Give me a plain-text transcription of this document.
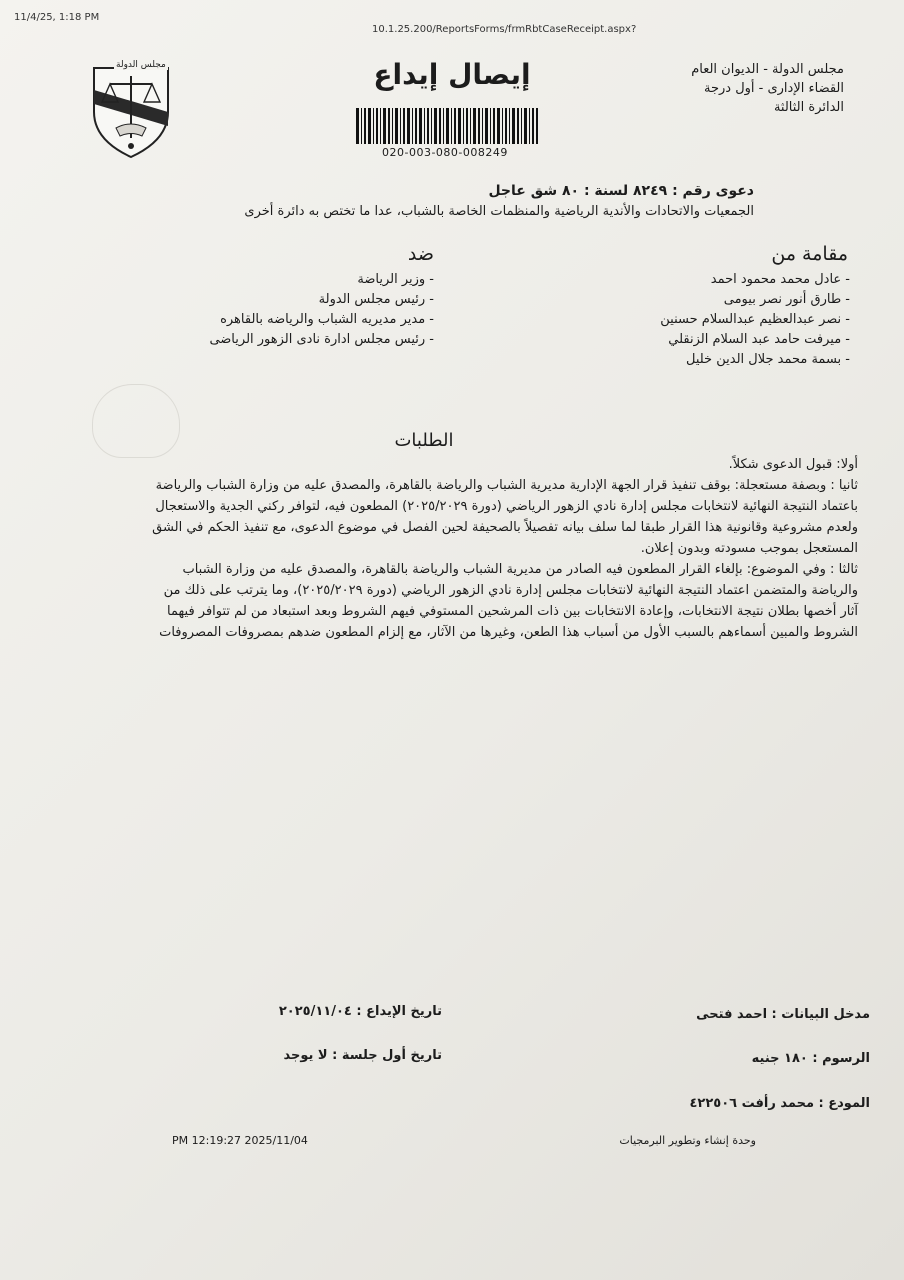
11/4/25, 1:18 PM
10.1.25.200/ReportsForms/frmRbtCaseReceipt.aspx?
مجلس الدولة - الديوان العام
القضاء الإدارى - أول درجة
الدائرة الثالثة
مجلس الدولة	إيصال إيداع
020-003-080-008249
دعوى رقم : ٨٢٤٩ لسنة : ٨٠ شق عاجل
الجمعيات والاتحادات والأندية الرياضية والمنظمات الخاصة بالشباب، عدا ما تختص به دائرة أخرى
مقامة من
- عادل محمد محمود احمد
- طارق أنور نصر بيومى
- نصر عبدالعظيم عبدالسلام حسنين
- ميرفت حامد عبد السلام الزنقلي
- بسمة محمد جلال الدين خليل
ضد
- وزير الرياضة
- رئيس مجلس الدولة
- مدير مديريه الشباب والرياضه بالقاهره
- رئيس مجلس ادارة نادى الزهور الرياضى
الطلبات
أولا: قبول الدعوى شكلاً.
ثانيا : وبصفة مستعجلة: بوقف تنفيذ قرار الجهة الإدارية مديرية الشباب والرياضة بالقاهرة، والمصدق عليه من وزارة الشباب والرياضة باعتماد النتيجة النهائية لانتخابات مجلس إدارة نادي الزهور الرياضي (دورة ٢٠٢٥/٢٠٢٩) المطعون فيه، لتوافر ركني الجدية والاستعجال ولعدم مشروعية وقانونية هذا القرار طبقا لما سلف بيانه تفصيلاً بالصحيفة لحين الفصل في موضوع الدعوى، مع تنفيذ الحكم في الشق المستعجل بموجب مسودته وبدون إعلان.
ثالثا : وفي الموضوع: بإلغاء القرار المطعون فيه الصادر من مديرية الشباب والرياضة بالقاهرة، والمصدق عليه من وزارة الشباب والرياضة والمتضمن اعتماد النتيجة النهائية لانتخابات مجلس إدارة نادي الزهور الرياضي (دورة ٢٠٢٥/٢٠٢٩)، وما يترتب على ذلك من آثار أخصها بطلان نتيجة الانتخابات، وإعادة الانتخابات بين ذات المرشحين المستوفي فيهم الشروط وبعد استبعاد من لم تتوافر فيهما الشروط والمبين أسماءهم بالسبب الأول من أسباب هذا الطعن، وغيرها من الآثار، مع إلزام المطعون ضدهم بمصروفات المصروفات
مدخل البيانات : احمد فتحى
تاريخ الإيداع : ٢٠٢٥/١١/٠٤
الرسوم : ١٨٠ جنيه
تاريخ أول جلسة : لا يوجد
المودع : محمد رأفت ٤٢٢٥٠٦
PM 12:19:27 2025/11/04	وحدة إنشاء وتطوير البرمجيات
